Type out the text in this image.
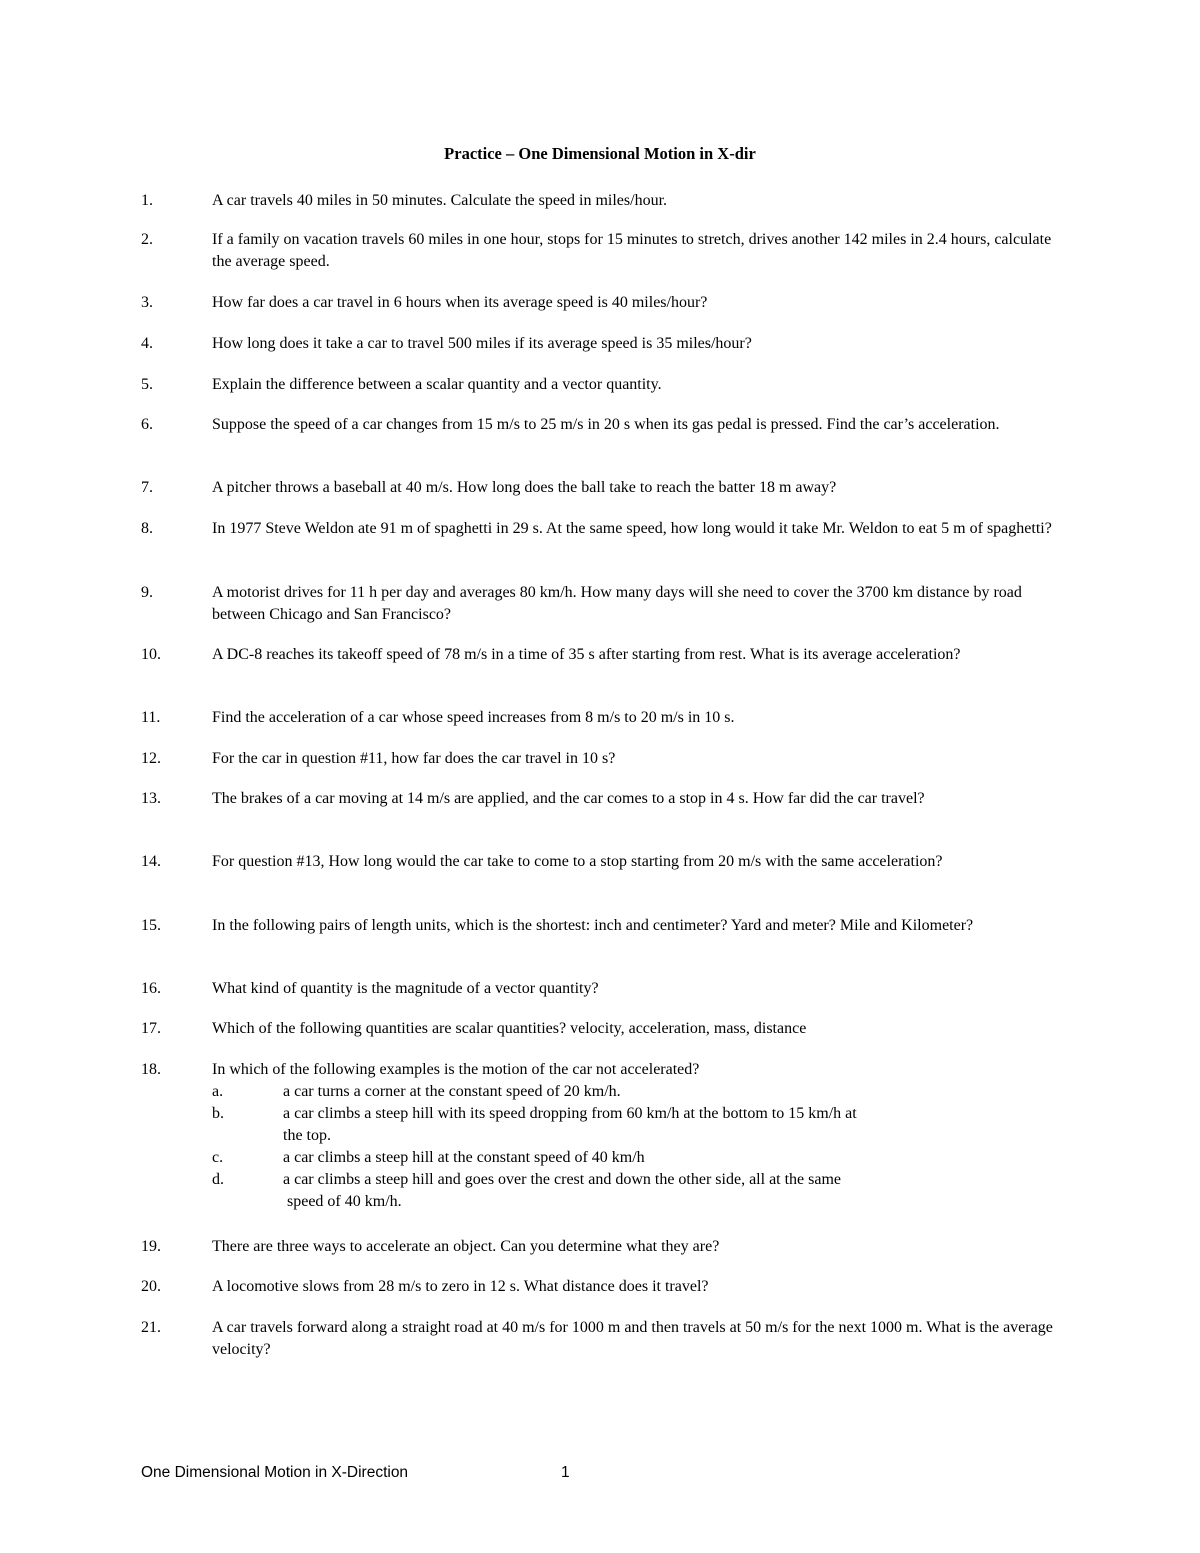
Practice – One Dimensional Motion in X-dir
1.	A car travels 40 miles in 50 minutes. Calculate the speed in miles/hour.
2.	If a family on vacation travels 60 miles in one hour, stops for 15 minutes to stretch, drives another 142 miles in 2.4 hours, calculate the average speed.
3.	How far does a car travel in 6 hours when its average speed is 40 miles/hour?
4.	How long does it take a car to travel 500 miles if its average speed is 35 miles/hour?
5.	Explain the difference between a scalar quantity and a vector quantity.
6.	Suppose the speed of a car changes from 15 m/s to 25 m/s in 20 s when its gas pedal is pressed. Find the car’s acceleration.
7.	A pitcher throws a baseball at 40 m/s. How long does the ball take to reach the batter 18 m away?
8.	In 1977 Steve Weldon ate 91 m of spaghetti in 29 s. At the same speed, how long would it take Mr. Weldon to eat 5 m of spaghetti?
9.	A motorist drives for 11 h per day and averages 80 km/h. How many days will she need to cover the 3700 km distance by road between Chicago and San Francisco?
10.	A DC-8 reaches its takeoff speed of 78 m/s in a time of 35 s after starting from rest. What is its average acceleration?
11.	Find the acceleration of a car whose speed increases from 8 m/s to 20 m/s in 10 s.
12.	For the car in question #11, how far does the car travel in 10 s?
13.	The brakes of a car moving at 14 m/s are applied, and the car comes to a stop in 4 s. How far did the car travel?
14.	For question #13, How long would the car take to come to a stop starting from 20 m/s with the same acceleration?
15.	In the following pairs of length units, which is the shortest: inch and centimeter? Yard and meter? Mile and Kilometer?
16.	What kind of quantity is the magnitude of a vector quantity?
17.	Which of the following quantities are scalar quantities? velocity, acceleration, mass, distance
18.	In which of the following examples is the motion of the car not accelerated?
a.	a car turns a corner at the constant speed of 20 km/h.
b.	a car climbs a steep hill with its speed dropping from 60 km/h at the bottom to 15 km/h at
the top.
c.	a car climbs a steep hill at the constant speed of 40 km/h
d.	a car climbs a steep hill and goes over the crest and down the other side, all at the same
speed of 40 km/h.
19.	There are three ways to accelerate an object. Can you determine what they are?
20.	A locomotive slows from 28 m/s to zero in 12 s. What distance does it travel?
21.	A car travels forward along a straight road at 40 m/s for 1000 m and then travels at 50 m/s for the next 1000 m. What is the average velocity?
One Dimensional Motion in X-Direction	1
